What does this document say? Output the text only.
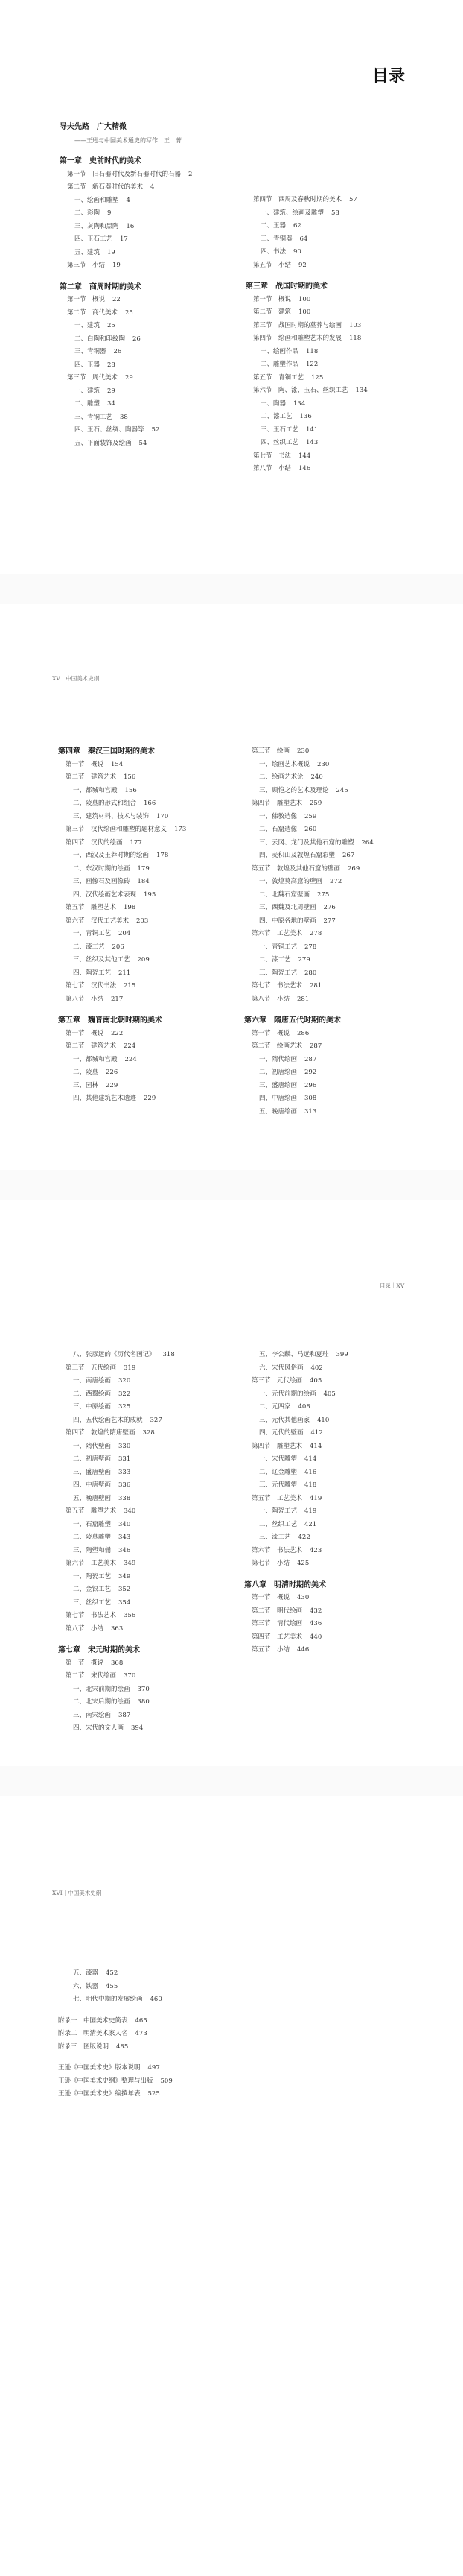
目录
导夫先路　广大精微
——王逊与中国美术通史的写作　王　菁
第一章　史前时代的美术
第一节　旧石器时代及新石器时代的石器 2
第二节　新石器时代的美术 4
一、绘画和雕塑 4
二、彩陶 9
三、灰陶和黑陶 16
四、玉石工艺 17
五、建筑 19
第三节　小结 19
第二章　商周时期的美术
第一节　概说 22
第二节　商代美术 25
一、建筑 25
二、白陶和印纹陶 26
三、青铜器 26
四、玉器 28
第三节　周代美术 29
一、建筑 29
二、雕塑 34
三、青铜工艺 38
四、玉石、丝绸、陶器等 52
五、平面装饰及绘画 54
第四节　西周及春秋时期的美术 57
一、建筑、绘画及雕塑 58
二、玉器 62
三、青铜器 64
四、书法 90
第五节　小结 92
第三章　战国时期的美术
第一节　概说 100
第二节　建筑 100
第三节　战国时期的墓葬与绘画 103
第四节　绘画和雕塑艺术的发展 118
一、绘画作品 118
二、雕塑作品 122
第五节　青铜工艺 125
第六节　陶、漆、玉石、丝织工艺 134
一、陶器 134
二、漆工艺 136
三、玉石工艺 141
四、丝织工艺 143
第七节　书法 144
第八节　小结 146
第四章　秦汉三国时期的美术
第一节　概说 154
第二节　建筑艺术 156
一、都城和宫殿 156
二、陵墓的形式和组合 166
三、建筑材料、技术与装饰 170
第三节　汉代绘画和雕塑的题材意义 173
第四节　汉代的绘画 177
一、西汉及王莽时期的绘画 178
二、东汉时期的绘画 179
三、画像石及画像砖 184
四、汉代绘画艺术表现 195
第五节　雕塑艺术 198
第六节　汉代工艺美术 203
一、青铜工艺 204
二、漆工艺 206
三、丝织及其他工艺 209
四、陶瓷工艺 211
第七节　汉代书法 215
第八节　小结 217
第五章　魏晋南北朝时期的美术
第一节　概说 222
第二节　建筑艺术 224
一、都城和宫殿 224
二、陵墓 226
三、园林 229
四、其他建筑艺术遗迹 229
第三节　绘画 230
一、绘画艺术概说 230
二、绘画艺术论 240
三、顾恺之的艺术及理论 245
第四节　雕塑艺术 259
一、佛教造像 259
二、石窟造像 260
三、云冈、龙门及其他石窟的雕塑 264
四、麦积山及敦煌石窟彩塑 267
第五节　敦煌及其他石窟的壁画 269
一、敦煌莫高窟的壁画 272
二、北魏石窟壁画 275
三、西魏及北周壁画 276
四、中原各地的壁画 277
第六节　工艺美术 278
一、青铜工艺 278
二、漆工艺 279
三、陶瓷工艺 280
第七节　书法艺术 281
第八节　小结 281
第六章　隋唐五代时期的美术
第一节　概说 286
第二节　绘画艺术 287
一、隋代绘画 287
二、初唐绘画 292
三、盛唐绘画 296
四、中唐绘画 308
五、晚唐绘画 313
八、张彦远的《历代名画记》 318
第三节　五代绘画 319
一、南唐绘画 320
二、西蜀绘画 322
三、中原绘画 325
四、五代绘画艺术的成就 327
第四节　敦煌的隋唐壁画 328
一、隋代壁画 330
二、初唐壁画 331
三、盛唐壁画 333
四、中唐壁画 336
五、晚唐壁画 338
第五节　雕塑艺术 340
一、石窟雕塑 340
二、陵墓雕塑 343
三、陶塑和俑 346
第六节　工艺美术 349
一、陶瓷工艺 349
二、金银工艺 352
三、丝织工艺 354
第七节　书法艺术 356
第八节　小结 363
第七章　宋元时期的美术
第一节　概说 368
第二节　宋代绘画 370
一、北宋前期的绘画 370
二、北宋后期的绘画 380
三、南宋绘画 387
四、宋代的文人画 394
五、李公麟、马远和夏珪 399
六、宋代风俗画 402
第三节　元代绘画 405
一、元代前期的绘画 405
二、元四家 408
三、元代其他画家 410
四、元代的壁画 412
第四节　雕塑艺术 414
一、宋代雕塑 414
二、辽金雕塑 416
三、元代雕塑 418
第五节　工艺美术 419
一、陶瓷工艺 419
二、丝织工艺 421
三、漆工艺 422
第六节　书法艺术 423
第七节　小结 425
第八章　明清时期的美术
第一节　概说 430
第二节　明代绘画 432
第三节　清代绘画 436
第四节　工艺美术 440
第五节　小结 446
五、漆器 452
六、铁器 455
七、明代中期的发展绘画 460
附录一　中国美术史简表 465
附录二　明清美术家人名 473
附录三　图版说明 485
王逊《中国美术史》版本说明 497
王逊《中国美术史纲》整理与出版 509
王逊《中国美术史》编撰年表 525
XV｜中国美术史纲
目录｜XV
XVI｜中国美术史纲
